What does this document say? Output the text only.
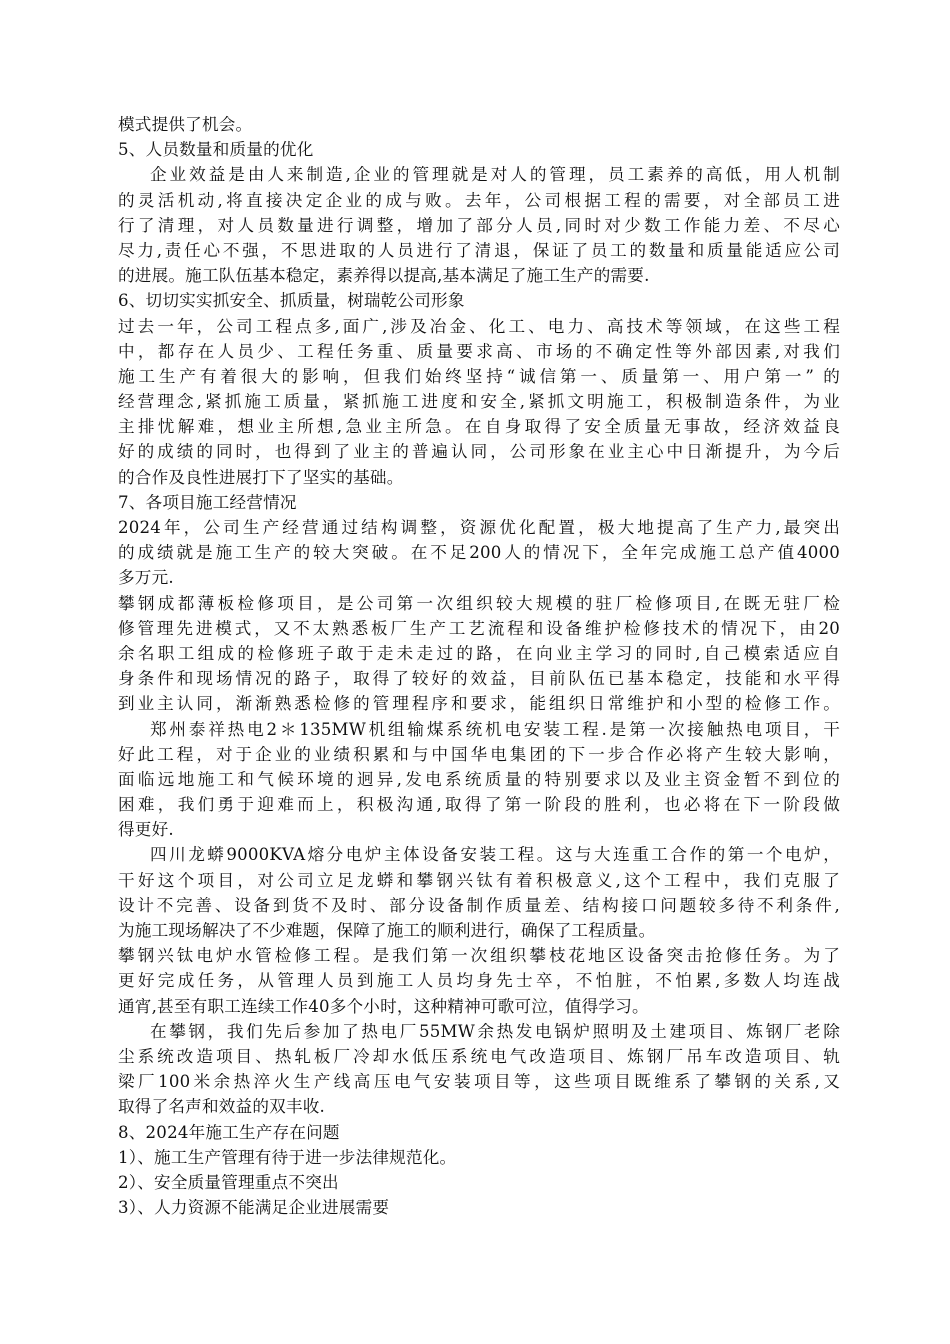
模式提供了机会。
5、人员数量和质量的优化
企业效益是由人来制造,企业的管理就是对人的管理，员工素养的高低，用人机制
的灵活机动,将直接决定企业的成与败。去年，公司根据工程的需要，对全部员工进
行了清理，对人员数量进行调整，增加了部分人员,同时对少数工作能力差、不尽心
尽力,责任心不强，不思进取的人员进行了清退，保证了员工的数量和质量能适应公司
的进展。施工队伍基本稳定，素养得以提高,基本满足了施工生产的需要.
6、切切实实抓安全、抓质量，树瑞乾公司形象
过去一年，公司工程点多,面广,涉及冶金、化工、电力、高技术等领域，在这些工程
中，都存在人员少、工程任务重、质量要求高、市场的不确定性等外部因素,对我们
施工生产有着很大的影响，但我们始终坚持“诚信第一、质量第一、用户第一” 的
经营理念,紧抓施工质量，紧抓施工进度和安全,紧抓文明施工，积极制造条件，为业
主排忧解难，想业主所想,急业主所急。在自身取得了安全质量无事故，经济效益良
好的成绩的同时，也得到了业主的普遍认同，公司形象在业主心中日渐提升，为今后
的合作及良性进展打下了坚实的基础。
7、各项目施工经营情况
2024年，公司生产经营通过结构调整，资源优化配置，极大地提高了生产力,最突出
的成绩就是施工生产的较大突破。在不足200人的情况下，全年完成施工总产值4000
多万元.
攀钢成都薄板检修项目，是公司第一次组织较大规模的驻厂检修项目,在既无驻厂检
修管理先进模式，又不太熟悉板厂生产工艺流程和设备维护检修技术的情况下，由20
余名职工组成的检修班子敢于走未走过的路，在向业主学习的同时,自己模索适应自
身条件和现场情况的路子，取得了较好的效益，目前队伍已基本稳定，技能和水平得
到业主认同，渐渐熟悉检修的管理程序和要求，能组织日常维护和小型的检修工作。
郑州泰祥热电2＊135MW机组输煤系统机电安装工程.是第一次接触热电项目，干
好此工程，对于企业的业绩积累和与中国华电集团的下一步合作必将产生较大影响，
面临远地施工和气候环境的迥异,发电系统质量的特别要求以及业主资金暂不到位的
困难，我们勇于迎难而上，积极沟通,取得了第一阶段的胜利，也必将在下一阶段做
得更好.
四川龙蟒9000KVA熔分电炉主体设备安装工程。这与大连重工合作的第一个电炉，
干好这个项目，对公司立足龙蟒和攀钢兴钛有着积极意义,这个工程中，我们克服了
设计不完善、设备到货不及时、部分设备制作质量差、结构接口问题较多待不利条件,
为施工现场解决了不少难题，保障了施工的顺利进行，确保了工程质量。
攀钢兴钛电炉水管检修工程。是我们第一次组织攀枝花地区设备突击抢修任务。为了
更好完成任务，从管理人员到施工人员均身先士卒，不怕脏，不怕累,多数人均连战
通宵,甚至有职工连续工作40多个小时，这种精神可歌可泣，值得学习。
在攀钢，我们先后参加了热电厂55MW余热发电锅炉照明及土建项目、炼钢厂老除
尘系统改造项目、热轧板厂冷却水低压系统电气改造项目、炼钢厂吊车改造项目、轨
梁厂100米余热淬火生产线高压电气安装项目等，这些项目既维系了攀钢的关系,又
取得了名声和效益的双丰收.
8、2024年施工生产存在问题
1）、施工生产管理有待于进一步法律规范化。
2）、安全质量管理重点不突出
3）、人力资源不能满足企业进展需要
